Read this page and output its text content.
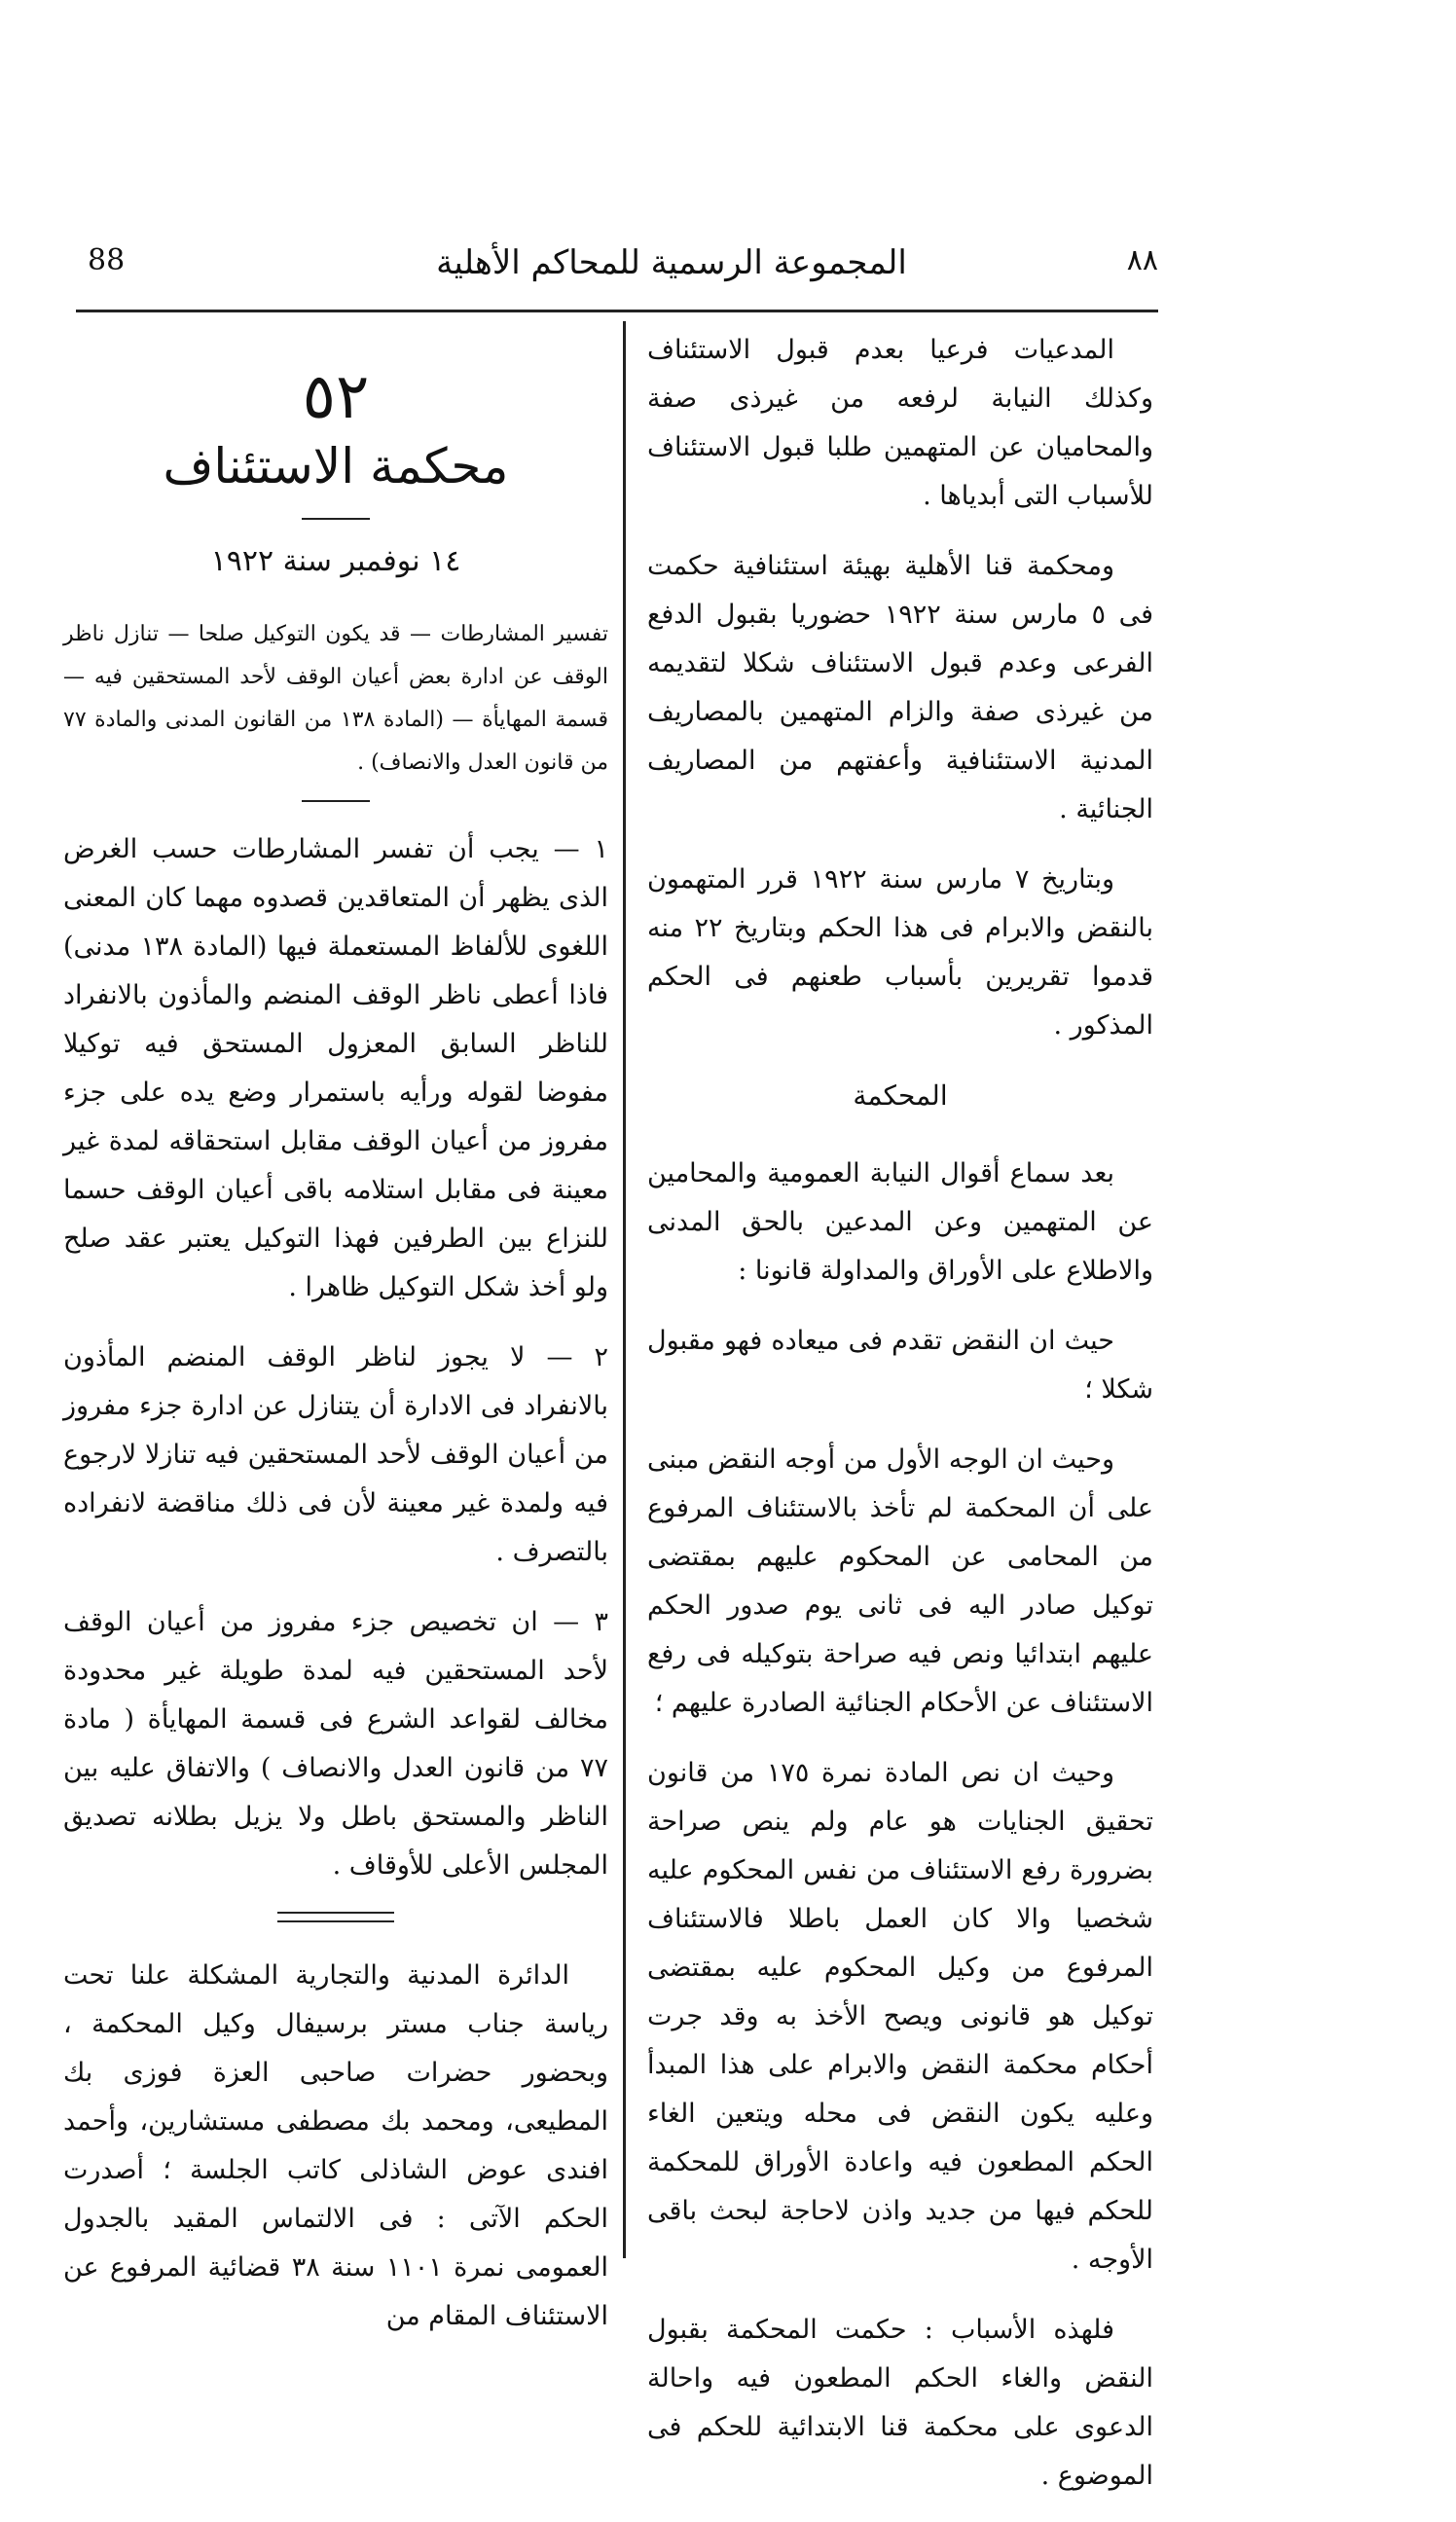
88	المجموعة الرسمية للمحاكم الأهلية	٨٨

المدعيات فرعيا بعدم قبول الاستئناف وكذلك النيابة لرفعه من غيرذى صفة والمحاميان عن المتهمين طلبا قبول الاستئناف للأسباب التى أبدياها .

ومحكمة قنا الأهلية بهيئة استئنافية حكمت فى ٥ مارس سنة ١٩٢٢ حضوريا بقبول الدفع الفرعى وعدم قبول الاستئناف شكلا لتقديمه من غيرذى صفة والزام المتهمين بالمصاريف المدنية الاستئنافية وأعفتهم من المصاريف الجنائية .

وبتاريخ ٧ مارس سنة ١٩٢٢ قرر المتهمون بالنقض والابرام فى هذا الحكم وبتاريخ ٢٢ منه قدموا تقريرين بأسباب طعنهم فى الحكم المذكور .

المحكمة

بعد سماع أقوال النيابة العمومية والمحامين عن المتهمين وعن المدعين بالحق المدنى والاطلاع على الأوراق والمداولة قانونا :

حيث ان النقض تقدم فى ميعاده فهو مقبول شكلا ؛

وحيث ان الوجه الأول من أوجه النقض مبنى على أن المحكمة لم تأخذ بالاستئناف المرفوع من المحامى عن المحكوم عليهم بمقتضى توكيل صادر اليه فى ثانى يوم صدور الحكم عليهم ابتدائيا ونص فيه صراحة بتوكيله فى رفع الاستئناف عن الأحكام الجنائية الصادرة عليهم ؛

وحيث ان نص المادة نمرة ١٧٥ من قانون تحقيق الجنايات هو عام ولم ينص صراحة بضرورة رفع الاستئناف من نفس المحكوم عليه شخصيا والا كان العمل باطلا فالاستئناف المرفوع من وكيل المحكوم عليه بمقتضى توكيل هو قانونى ويصح الأخذ به وقد جرت أحكام محكمة النقض والابرام على هذا المبدأ وعليه يكون النقض فى محله ويتعين الغاء الحكم المطعون فيه واعادة الأوراق للمحكمة للحكم فيها من جديد واذن لاحاجة لبحث باقى الأوجه .

فلهذه الأسباب : حكمت المحكمة بقبول النقض والغاء الحكم المطعون فيه واحالة الدعوى على محكمة قنا الابتدائية للحكم فى الموضوع .

٥٢
محكمة الاستئناف
١٤ نوفمبر سنة ١٩٢٢
تفسير المشارطات — قد يكون التوكيل صلحا — تنازل ناظر الوقف عن ادارة بعض أعيان الوقف لأحد المستحقين فيه — قسمة المهايأة — (المادة ١٣٨ من القانون المدنى والمادة ٧٧ من قانون العدل والانصاف) .

١ — يجب أن تفسر المشارطات حسب الغرض الذى يظهر أن المتعاقدين قصدوه مهما كان المعنى اللغوى للألفاظ المستعملة فيها (المادة ١٣٨ مدنى) فاذا أعطى ناظر الوقف المنضم والمأذون بالانفراد للناظر السابق المعزول المستحق فيه توكيلا مفوضا لقوله ورأيه باستمرار وضع يده على جزء مفروز من أعيان الوقف مقابل استحقاقه لمدة غير معينة فى مقابل استلامه باقى أعيان الوقف حسما للنزاع بين الطرفين فهذا التوكيل يعتبر عقد صلح ولو أخذ شكل التوكيل ظاهرا .

٢ — لا يجوز لناظر الوقف المنضم المأذون بالانفراد فى الادارة أن يتنازل عن ادارة جزء مفروز من أعيان الوقف لأحد المستحقين فيه تنازلا لارجوع فيه ولمدة غير معينة لأن فى ذلك مناقضة لانفراده بالتصرف .

٣ — ان تخصيص جزء مفروز من أعيان الوقف لأحد المستحقين فيه لمدة طويلة غير محدودة مخالف لقواعد الشرع فى قسمة المهايأة ( مادة ٧٧ من قانون العدل والانصاف ) والاتفاق عليه بين الناظر والمستحق باطل ولا يزيل بطلانه تصديق المجلس الأعلى للأوقاف .

الدائرة المدنية والتجارية المشكلة علنا تحت رياسة جناب مستر برسيفال وكيل المحكمة ، وبحضور حضرات صاحبى العزة فوزى بك المطيعى، ومحمد بك مصطفى مستشارين، وأحمد افندى عوض الشاذلى كاتب الجلسة ؛ أصدرت الحكم الآتى : فى الالتماس المقيد بالجدول العمومى نمرة ١١٠١ سنة ٣٨ قضائية المرفوع عن الاستئناف المقام من
